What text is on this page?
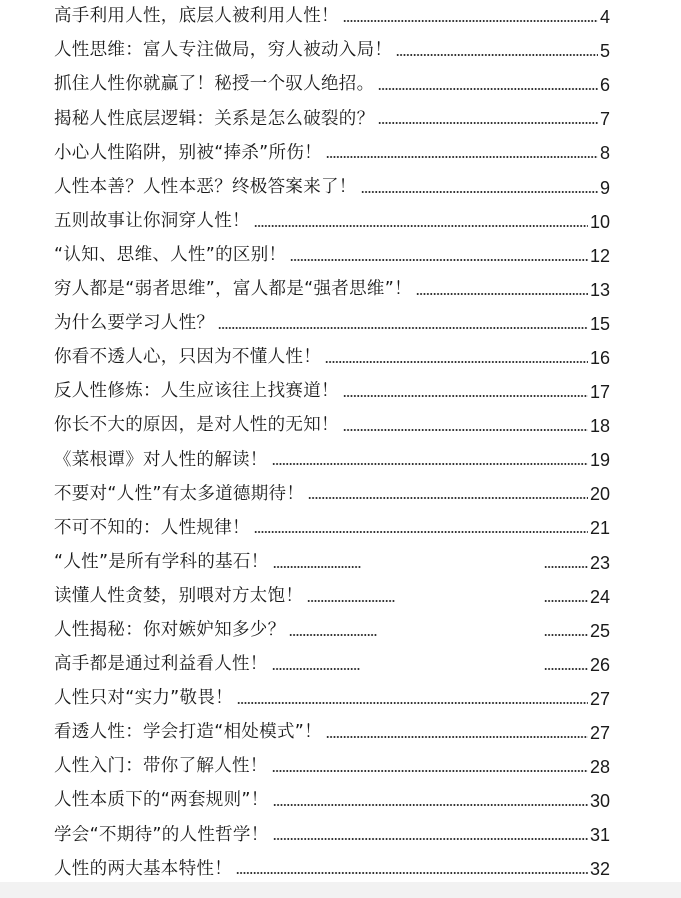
高手利用人性，底层人被利用人性！	4
人性思维：富人专注做局，穷人被动入局！	5
抓住人性你就赢了！秘授一个驭人绝招。	6
揭秘人性底层逻辑：关系是怎么破裂的？	7
小心人性陷阱，别被“捧杀”所伤！	8
人性本善？人性本恶？终极答案来了！	9
五则故事让你洞穿人性！	10
“认知、思维、人性”的区别！	12
穷人都是“弱者思维”，富人都是“强者思维”！	13
为什么要学习人性？	15
你看不透人心，只因为不懂人性！	16
反人性修炼：人生应该往上找赛道！	17
你长不大的原因，是对人性的无知！	18
《菜根谭》对人性的解读！	19
不要对“人性”有太多道德期待！	20
不可不知的：人性规律！	21
“人性”是所有学科的基石！	23
读懂人性贪婪，别喂对方太饱！	24
人性揭秘：你对嫉妒知多少？	25
高手都是通过利益看人性！	26
人性只对“实力”敬畏！	27
看透人性：学会打造“相处模式”！	27
人性入门：带你了解人性！	28
人性本质下的“两套规则”！	30
学会“不期待”的人性哲学！	31
人性的两大基本特性！	32
